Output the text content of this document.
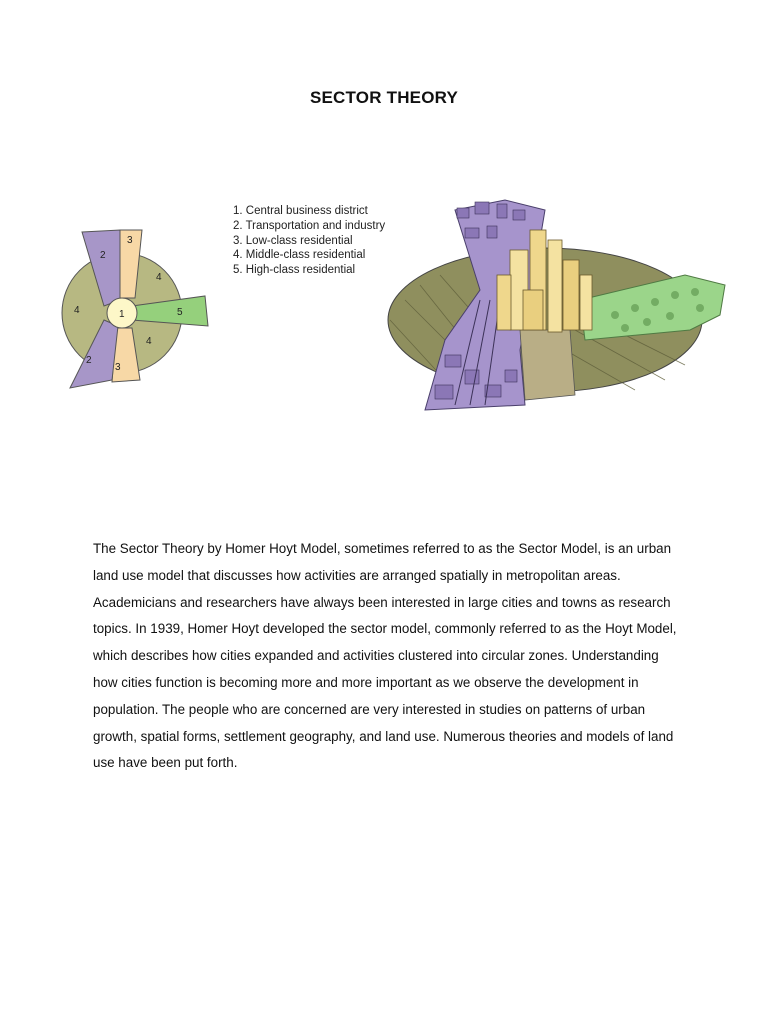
SECTOR THEORY
1
2
2
3
3
4
4
4
5
1. Central business district
2. Transportation and industry
3. Low-class residential
4. Middle-class residential
5. High-class residential
The Sector Theory by Homer Hoyt Model, sometimes referred to as the Sector Model, is an urban land use model that discusses how activities are arranged spatially in metropolitan areas. Academicians and researchers have always been interested in large cities and towns as research topics. In 1939, Homer Hoyt developed the sector model, commonly referred to as the Hoyt Model, which describes how cities expanded and activities clustered into circular zones. Understanding how cities function is becoming more and more important as we observe the development in population. The people who are concerned are very interested in studies on patterns of urban growth, spatial forms, settlement geography, and land use. Numerous theories and models of land use have been put forth.
